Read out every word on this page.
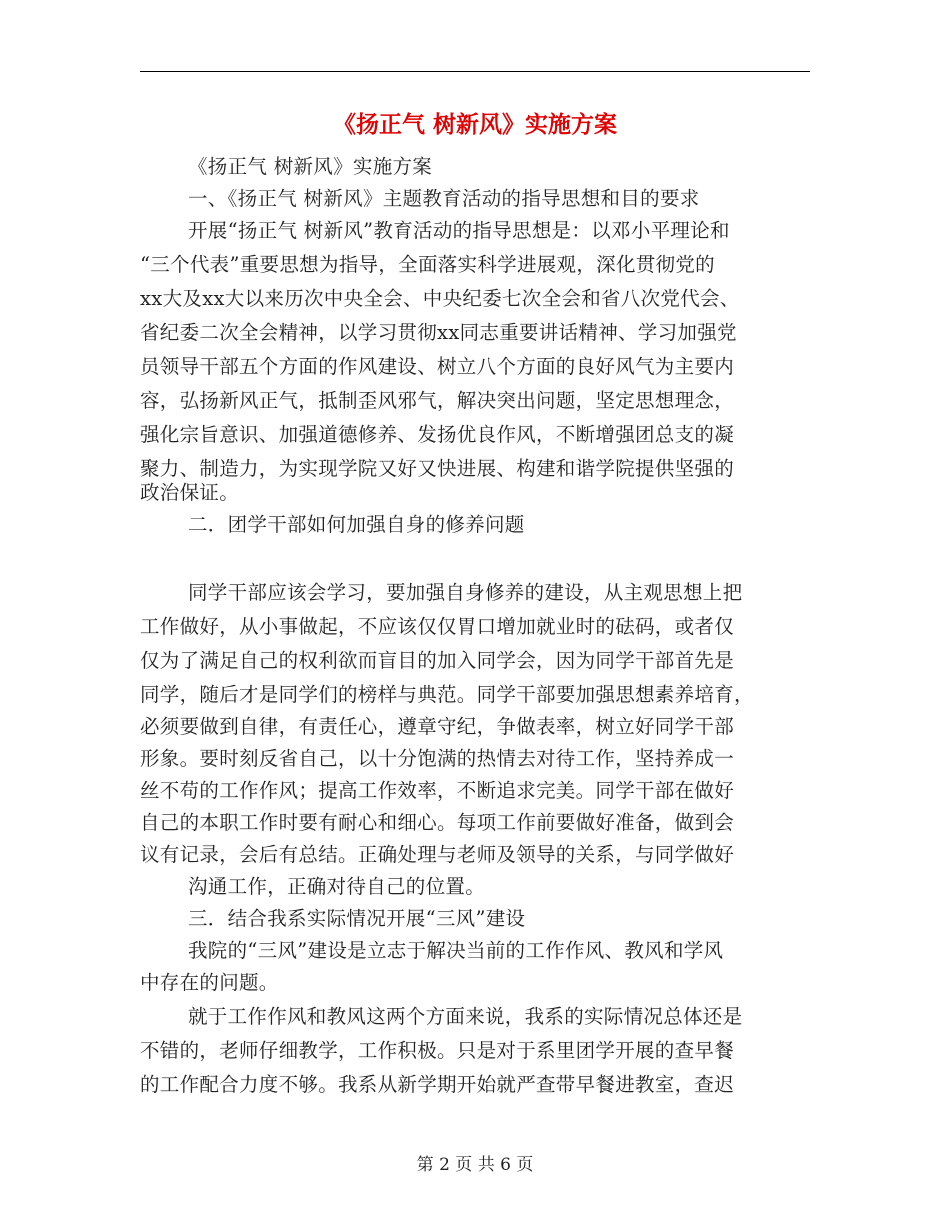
《扬正气 树新风》实施方案
《扬正气 树新风》实施方案
一、《扬正气 树新风》主题教育活动的指导思想和目的要求
开展“扬正气 树新风”教育活动的指导思想是：以邓小平理论和
“三个代表”重要思想为指导，全面落实科学进展观，深化贯彻党的
xx大及xx大以来历次中央全会、中央纪委七次全会和省八次党代会、
省纪委二次全会精神，以学习贯彻xx同志重要讲话精神、学习加强党
员领导干部五个方面的作风建设、树立八个方面的良好风气为主要内
容，弘扬新风正气，抵制歪风邪气，解决突出问题，坚定思想理念，
强化宗旨意识、加强道德修养、发扬优良作风，不断增强团总支的凝
聚力、制造力，为实现学院又好又快进展、构建和谐学院提供坚强的
政治保证。
二．团学干部如何加强自身的修养问题
同学干部应该会学习，要加强自身修养的建设，从主观思想上把
工作做好，从小事做起，不应该仅仅胃口增加就业时的砝码，或者仅
仅为了满足自己的权利欲而盲目的加入同学会，因为同学干部首先是
同学，随后才是同学们的榜样与典范。同学干部要加强思想素养培育，
必须要做到自律，有责任心，遵章守纪，争做表率，树立好同学干部
形象。要时刻反省自己，以十分饱满的热情去对待工作，坚持养成一
丝不苟的工作作风；提高工作效率，不断追求完美。同学干部在做好
自己的本职工作时要有耐心和细心。每项工作前要做好准备，做到会
议有记录，会后有总结。正确处理与老师及领导的关系，与同学做好
沟通工作，正确对待自己的位置。
三．结合我系实际情况开展“三风”建设
我院的“三风”建设是立志于解决当前的工作作风、教风和学风
中存在的问题。
就于工作作风和教风这两个方面来说，我系的实际情况总体还是
不错的，老师仔细教学，工作积极。只是对于系里团学开展的查早餐
的工作配合力度不够。我系从新学期开始就严查带早餐进教室，查迟
第 2 页 共 6 页
